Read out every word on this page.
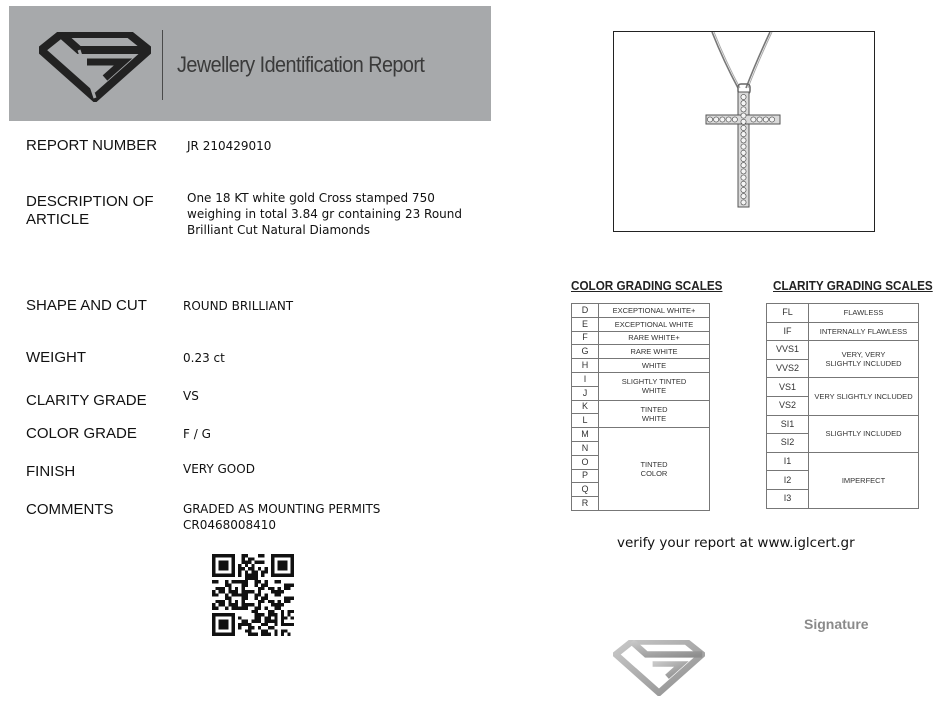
Jewellery Identification Report
REPORT NUMBER JR 210429010
DESCRIPTION OF
ARTICLE
One 18 KT white gold Cross stamped 750
weighing in total 3.84 gr containing 23 Round
Brilliant Cut Natural Diamonds
SHAPE AND CUT	ROUND BRILLIANT
WEIGHT	0.23 ct
CLARITY GRADE	VS
COLOR GRADE	F / G
FINISH	VERY GOOD
COMMENTS	GRADED AS MOUNTING PERMITS
CR0468008410
COLOR GRADING SCALES
D	EXCEPTIONAL WHITE+
E	EXCEPTIONAL WHITE
F	RARE WHITE+
G	RARE WHITE
H	WHITE
I	SLIGHTLY TINTED
WHITE
J	
K	TINTED
WHITE
L	
M	TINTED
COLOR
N	
O	
P	
Q	
R	
CLARITY GRADING SCALES
FL	FLAWLESS
IF	INTERNALLY FLAWLESS
VVS1	VERY, VERY
SLIGHTLY INCLUDED
VVS2	
VS1	VERY SLIGHTLY INCLUDED
VS2	
SI1	SLIGHTLY INCLUDED
SI2	
I1	IMPERFECT
I2	
I3	
verify your report at www.iglcert.gr
Signature
